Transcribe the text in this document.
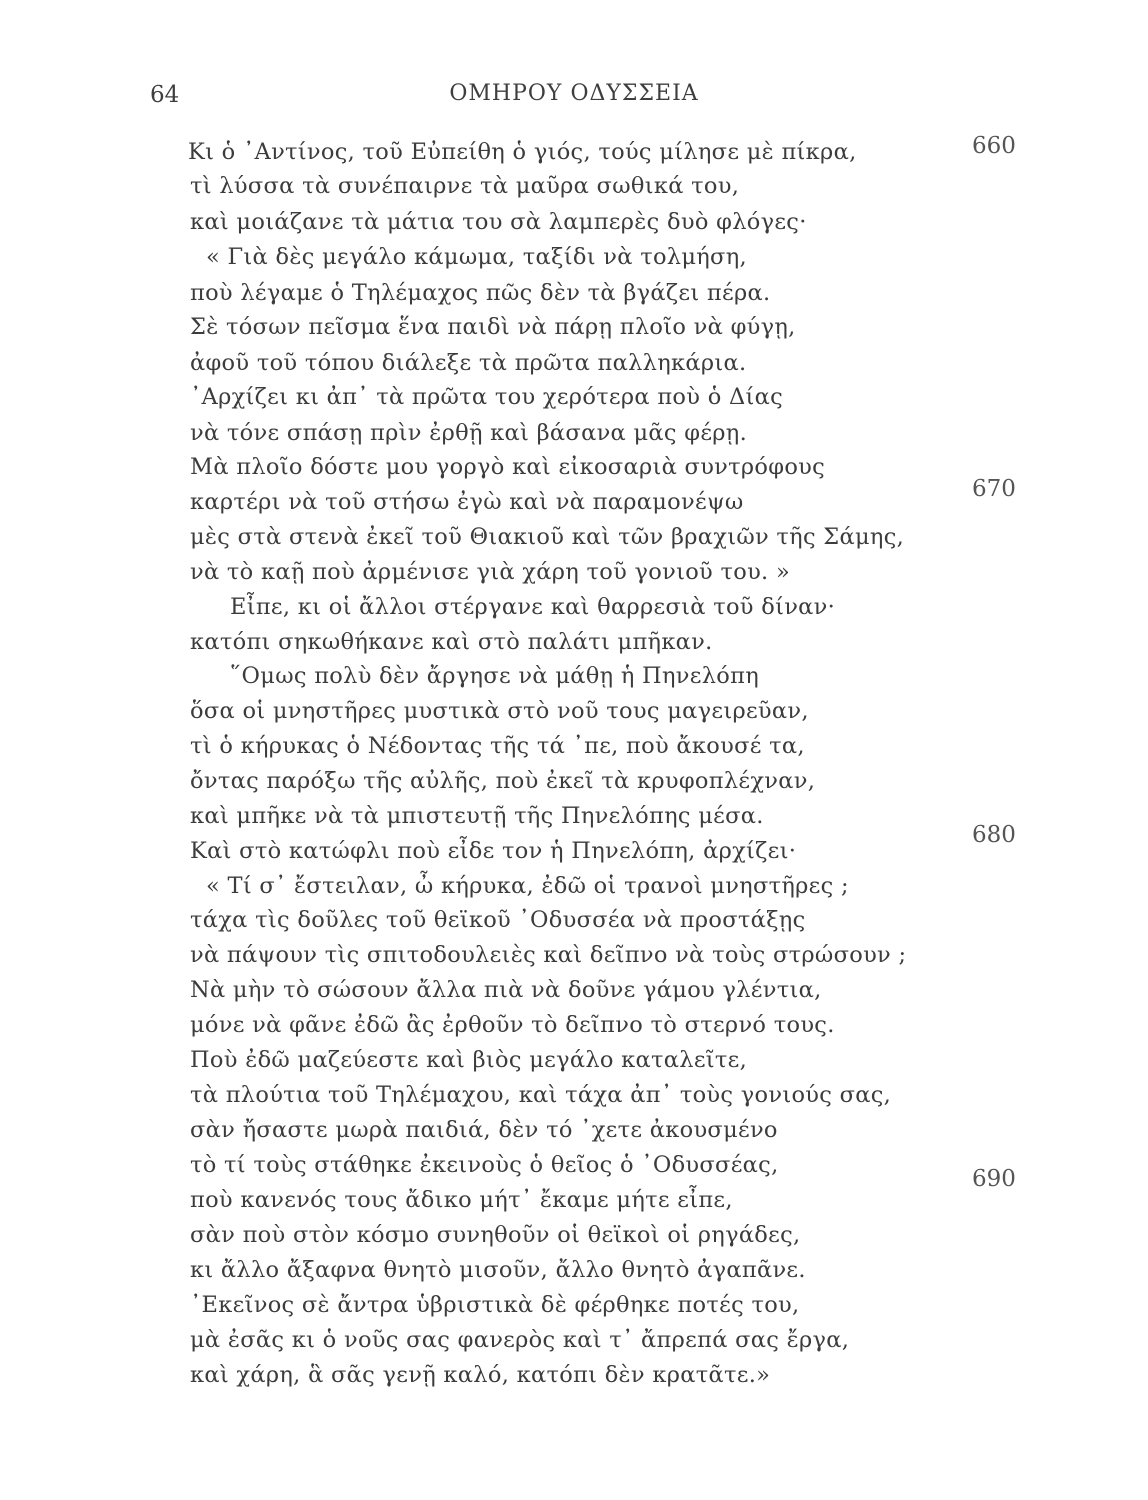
64	ΟΜΗΡΟΥ ΟΔΥΣΣΕΙΑ
Κι ὁ ᾿Αντίνος, τοῦ Εὐπείθη ὁ γιός, τούς μίλησε μὲ πίκρα,
τὶ λύσσα τὰ συνέπαιρνε τὰ μαῦρα σωθικά του,
καὶ μοιάζανε τὰ μάτια του σὰ λαμπερὲς δυὸ φλόγες·
« Γιὰ δὲς μεγάλο κάμωμα, ταξίδι νὰ τολμήση,
ποὺ λέγαμε ὁ Τηλέμαχος πῶς δὲν τὰ βγάζει πέρα.
Σὲ τόσων πεῖσμα ἕνα παιδὶ νὰ πάρῃ πλοῖο νὰ φύγῃ,
ἀφοῦ τοῦ τόπου διάλεξε τὰ πρῶτα παλληκάρια.
᾿Αρχίζει κι ἀπ᾿ τὰ πρῶτα του χερότερα ποὺ ὁ Δίας
νὰ τόνε σπάσῃ πρὶν ἐρθῇ καὶ βάσανα μᾶς φέρῃ.
Μὰ πλοῖο δόστε μου γοργὸ καὶ εἰκοσαριὰ συντρόφους
καρτέρι νὰ τοῦ στήσω ἐγὼ καὶ νὰ παραμονέψω
μὲς στὰ στενὰ ἐκεῖ τοῦ Θιακιοῦ καὶ τῶν βραχιῶν τῆς Σάμης,
νὰ τὸ καῇ ποὺ ἀρμένισε γιὰ χάρη τοῦ γονιοῦ του. »
Εἶπε, κι οἱ ἄλλοι στέργανε καὶ θαρρεσιὰ τοῦ δίναν·
κατόπι σηκωθήκανε καὶ στὸ παλάτι μπῆκαν.
῞Ομως πολὺ δὲν ἄργησε νὰ μάθῃ ἡ Πηνελόπη
ὅσα οἱ μνηστῆρες μυστικὰ στὸ νοῦ τους μαγειρεῦαν,
τὶ ὁ κήρυκας ὁ Νέδοντας τῆς τά ᾿πε, ποὺ ἄκουσέ τα,
ὄντας παρόξω τῆς αὐλῆς, ποὺ ἐκεῖ τὰ κρυφοπλέχναν,
καὶ μπῆκε νὰ τὰ μπιστευτῇ τῆς Πηνελόπης μέσα.
Καὶ στὸ κατώφλι ποὺ εἶδε τον ἡ Πηνελόπη, ἀρχίζει·
« Τί σ᾿ ἔστειλαν, ὦ κήρυκα, ἐδῶ οἱ τρανοὶ μνηστῆρες ;
τάχα τὶς δοῦλες τοῦ θεϊκοῦ ᾿Οδυσσέα νὰ προστάξῃς
νὰ πάψουν τὶς σπιτοδουλειὲς καὶ δεῖπνο νὰ τοὺς στρώσουν ;
Νὰ μὴν τὸ σώσουν ἄλλα πιὰ νὰ δοῦνε γάμου γλέντια,
μόνε νὰ φᾶνε ἐδῶ ἂς ἐρθοῦν τὸ δεῖπνο τὸ στερνό τους.
Ποὺ ἐδῶ μαζεύεστε καὶ βιὸς μεγάλο καταλεῖτε,
τὰ πλούτια τοῦ Τηλέμαχου, καὶ τάχα ἀπ᾿ τοὺς γονιούς σας,
σὰν ἤσαστε μωρὰ παιδιά, δὲν τό ᾿χετε ἀκουσμένο
τὸ τί τοὺς στάθηκε ἐκεινοὺς ὁ θεῖος ὁ ᾿Οδυσσέας,
ποὺ κανενός τους ἄδικο μήτ᾿ ἔκαμε μήτε εἶπε,
σὰν ποὺ στὸν κόσμο συνηθοῦν οἱ θεϊκοὶ οἱ ρηγάδες,
κι ἄλλο ἄξαφνα θνητὸ μισοῦν, ἄλλο θνητὸ ἀγαπᾶνε.
᾿Εκεῖνος σὲ ἄντρα ὑβριστικὰ δὲ φέρθηκε ποτές του,
μὰ ἐσᾶς κι ὁ νοῦς σας φανερὸς καὶ τ᾿ ἄπρεπά σας ἔργα,
καὶ χάρη, ἃ σᾶς γενῇ καλό, κατόπι δὲν κρατᾶτε.»
660
670
680
690
